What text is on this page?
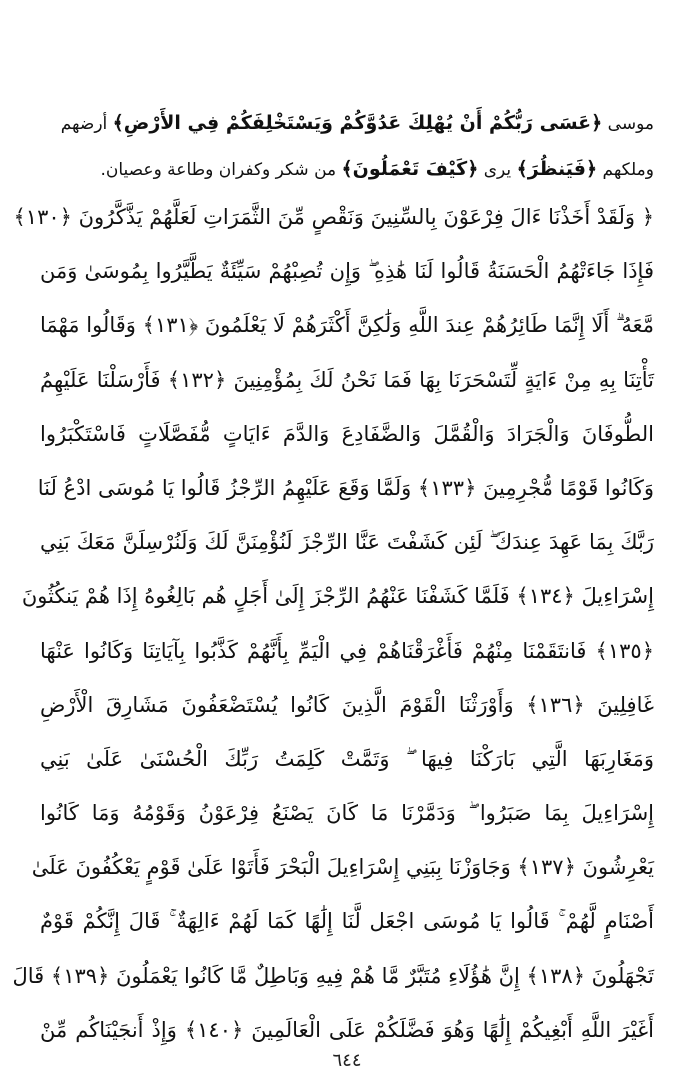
موسى ﴿عَسَى رَبُّكُمْ أَنْ يُهْلِكَ عَدُوَّكُمْ وَيَسْتَخْلِفَكُمْ فِي الأَرْضِ﴾ أرضهم
وملكهم ﴿فَيَنظُرَ﴾ يرى ﴿كَيْفَ تَعْمَلُونَ﴾ من شكر وكفران وطاعة وعصيان.
﴿ وَلَقَدْ أَخَذْنَا ءَالَ فِرْعَوْنَ بِالسِّنِينَ وَنَقْصٍ مِّنَ الثَّمَرَاتِ لَعَلَّهُمْ يَذَّكَّرُونَ ﴿١٣٠﴾
فَإِذَا جَاءَتْهُمُ الْحَسَنَةُ قَالُوا لَنَا هَٰذِهِ ۖ وَإِن تُصِبْهُمْ سَيِّئَةٌ يَطَّيَّرُوا بِمُوسَىٰ وَمَن
مَّعَهُ ۗ أَلَا إِنَّمَا طَائِرُهُمْ عِندَ اللَّهِ وَلَٰكِنَّ أَكْثَرَهُمْ لَا يَعْلَمُونَ ﴿١٣١﴾ وَقَالُوا مَهْمَا
تَأْتِنَا بِهِ مِنْ ءَايَةٍ لِّتَسْحَرَنَا بِهَا فَمَا نَحْنُ لَكَ بِمُؤْمِنِينَ ﴿١٣٢﴾ فَأَرْسَلْنَا عَلَيْهِمُ
الطُّوفَانَ وَالْجَرَادَ وَالْقُمَّلَ وَالضَّفَادِعَ وَالدَّمَ ءَايَاتٍ مُّفَصَّلَاتٍ فَاسْتَكْبَرُوا
وَكَانُوا قَوْمًا مُّجْرِمِينَ ﴿١٣٣﴾ وَلَمَّا وَقَعَ عَلَيْهِمُ الرِّجْزُ قَالُوا يَا مُوسَى ادْعُ لَنَا
رَبَّكَ بِمَا عَهِدَ عِندَكَ ۖ لَئِن كَشَفْتَ عَنَّا الرِّجْزَ لَنُؤْمِنَنَّ لَكَ وَلَنُرْسِلَنَّ مَعَكَ بَنِي
إِسْرَاءِيلَ ﴿١٣٤﴾ فَلَمَّا كَشَفْنَا عَنْهُمُ الرِّجْزَ إِلَىٰ أَجَلٍ هُم بَالِغُوهُ إِذَا هُمْ يَنكُثُونَ
﴿١٣٥﴾ فَانتَقَمْنَا مِنْهُمْ فَأَغْرَقْنَاهُمْ فِي الْيَمِّ بِأَنَّهُمْ كَذَّبُوا بِآيَاتِنَا وَكَانُوا عَنْهَا
غَافِلِينَ ﴿١٣٦﴾ وَأَوْرَثْنَا الْقَوْمَ الَّذِينَ كَانُوا يُسْتَضْعَفُونَ مَشَارِقَ الْأَرْضِ
وَمَغَارِبَهَا الَّتِي بَارَكْنَا فِيهَا ۖ وَتَمَّتْ كَلِمَتُ رَبِّكَ الْحُسْنَىٰ عَلَىٰ بَنِي
إِسْرَاءِيلَ بِمَا صَبَرُوا ۖ وَدَمَّرْنَا مَا كَانَ يَصْنَعُ فِرْعَوْنُ وَقَوْمُهُ وَمَا كَانُوا
يَعْرِشُونَ ﴿١٣٧﴾ وَجَاوَزْنَا بِبَنِي إِسْرَاءِيلَ الْبَحْرَ فَأَتَوْا عَلَىٰ قَوْمٍ يَعْكُفُونَ عَلَىٰ
أَصْنَامٍ لَّهُمْ ۚ قَالُوا يَا مُوسَى اجْعَل لَّنَا إِلَٰهًا كَمَا لَهُمْ ءَالِهَةٌ ۚ قَالَ إِنَّكُمْ قَوْمٌ
تَجْهَلُونَ ﴿١٣٨﴾ إِنَّ هَٰؤُلَاءِ مُتَبَّرٌ مَّا هُمْ فِيهِ وَبَاطِلٌ مَّا كَانُوا يَعْمَلُونَ ﴿١٣٩﴾ قَالَ
أَغَيْرَ اللَّهِ أَبْغِيكُمْ إِلَٰهًا وَهُوَ فَضَّلَكُمْ عَلَى الْعَالَمِينَ ﴿١٤٠﴾ وَإِذْ أَنجَيْنَاكُم مِّنْ
٦٤٤
